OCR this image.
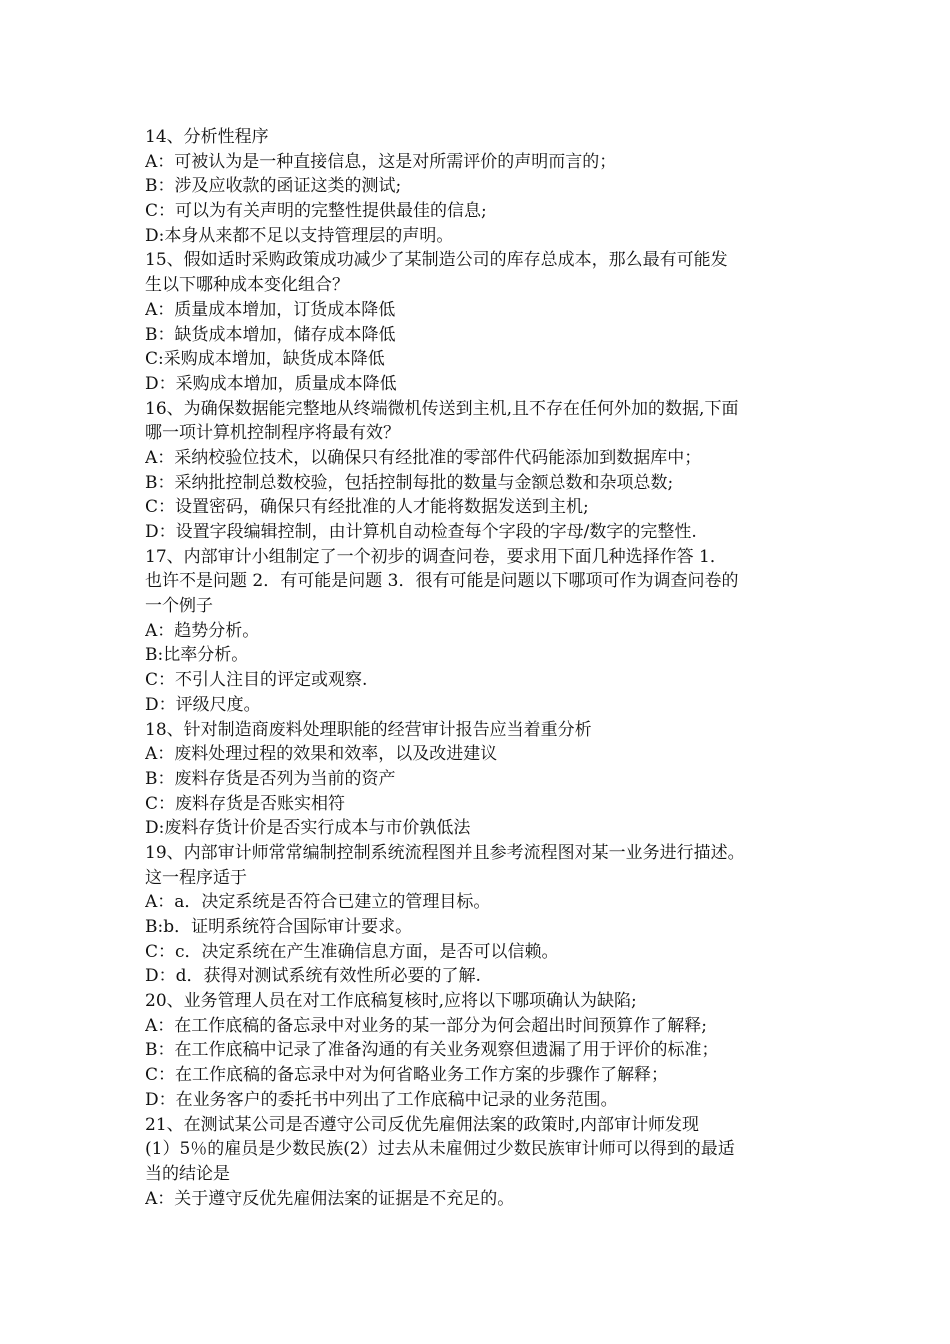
14、分析性程序
A：可被认为是一种直接信息，这是对所需评价的声明而言的；
B：涉及应收款的函证这类的测试;
C：可以为有关声明的完整性提供最佳的信息;
D:本身从来都不足以支持管理层的声明。
15、假如适时采购政策成功减少了某制造公司的库存总成本，那么最有可能发
生以下哪种成本变化组合？
A：质量成本增加，订货成本降低
B：缺货成本增加，储存成本降低
C:采购成本增加，缺货成本降低
D：采购成本增加，质量成本降低
16、为确保数据能完整地从终端微机传送到主机,且不存在任何外加的数据,下面
哪一项计算机控制程序将最有效？
A：采纳校验位技术，以确保只有经批准的零部件代码能添加到数据库中；
B：采纳批控制总数校验，包括控制每批的数量与金额总数和杂项总数;
C：设置密码，确保只有经批准的人才能将数据发送到主机;
D：设置字段编辑控制，由计算机自动检查每个字段的字母/数字的完整性.
17、内部审计小组制定了一个初步的调查问卷，要求用下面几种选择作答 1．
也许不是问题 2．有可能是问题 3．很有可能是问题以下哪项可作为调查问卷的
一个例子
A：趋势分析。
B:比率分析。
C：不引人注目的评定或观察.
D：评级尺度。
18、针对制造商废料处理职能的经营审计报告应当着重分析
A：废料处理过程的效果和效率，以及改进建议
B：废料存货是否列为当前的资产
C：废料存货是否账实相符
D:废料存货计价是否实行成本与市价孰低法
19、内部审计师常常编制控制系统流程图并且参考流程图对某一业务进行描述。
这一程序适于
A：a．决定系统是否符合已建立的管理目标。
B:b．证明系统符合国际审计要求。
C：c．决定系统在产生准确信息方面，是否可以信赖。
D：d．获得对测试系统有效性所必要的了解.
20、业务管理人员在对工作底稿复核时,应将以下哪项确认为缺陷;
A：在工作底稿的备忘录中对业务的某一部分为何会超出时间预算作了解释;
B：在工作底稿中记录了准备沟通的有关业务观察但遗漏了用于评价的标准；
C：在工作底稿的备忘录中对为何省略业务工作方案的步骤作了解释；
D：在业务客户的委托书中列出了工作底稿中记录的业务范围。
21、在测试某公司是否遵守公司反优先雇佣法案的政策时,内部审计师发现
(1）5％的雇员是少数民族(2）过去从未雇佣过少数民族审计师可以得到的最适
当的结论是
A：关于遵守反优先雇佣法案的证据是不充足的。
